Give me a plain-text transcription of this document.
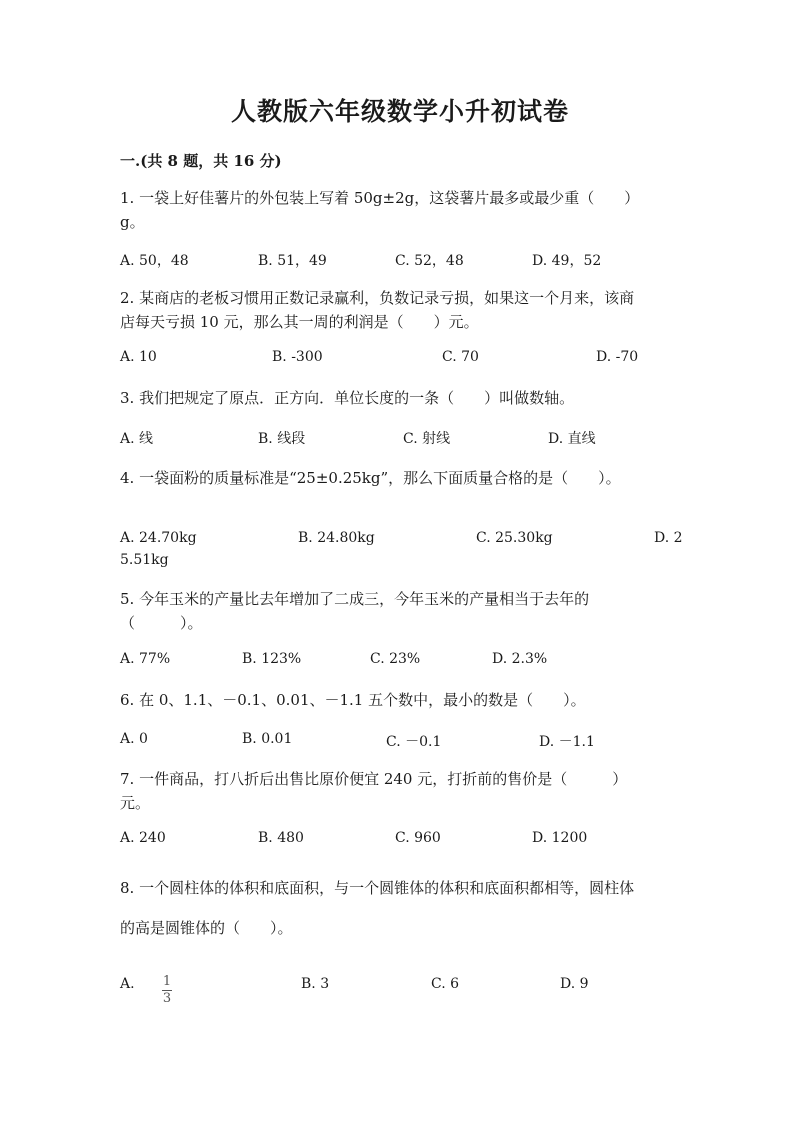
人教版六年级数学小升初试卷
一.(共 8 题，共 16 分)
1. 一袋上好佳薯片的外包装上写着 50g±2g，这袋薯片最多或最少重（　　）
g。
A. 50，48	B. 51，49	C. 52，48	D. 49，52
2. 某商店的老板习惯用正数记录赢利，负数记录亏损，如果这一个月来，该商
店每天亏损 10 元，那么其一周的利润是（　　）元。
A. 10	B. -300	C. 70	D. -70
3. 我们把规定了原点．正方向．单位长度的一条（　　）叫做数轴。
A. 线	B. 线段	C. 射线	D. 直线
4. 一袋面粉的质量标准是“25±0.25kg”，那么下面质量合格的是（　　）。
A. 24.70kg	B. 24.80kg	C. 25.30kg	D. 2
5.51kg
5. 今年玉米的产量比去年增加了二成三，今年玉米的产量相当于去年的
（　　　）。
A. 77%	B. 123%	C. 23%	D. 2.3%
6. 在 0、1.1、－0.1、0.01、－1.1 五个数中，最小的数是（　　）。
A. 0	B. 0.01	C. －0.1	D. －1.1
7. 一件商品，打八折后出售比原价便宜 240 元，打折前的售价是（　　　）
元。
A. 240	B. 480	C. 960	D. 1200
8. 一个圆柱体的体积和底面积，与一个圆锥体的体积和底面积都相等，圆柱体
的高是圆锥体的（　　）。
A. $\frac{1}{3}$	B. 3	C. 6	D. 9
